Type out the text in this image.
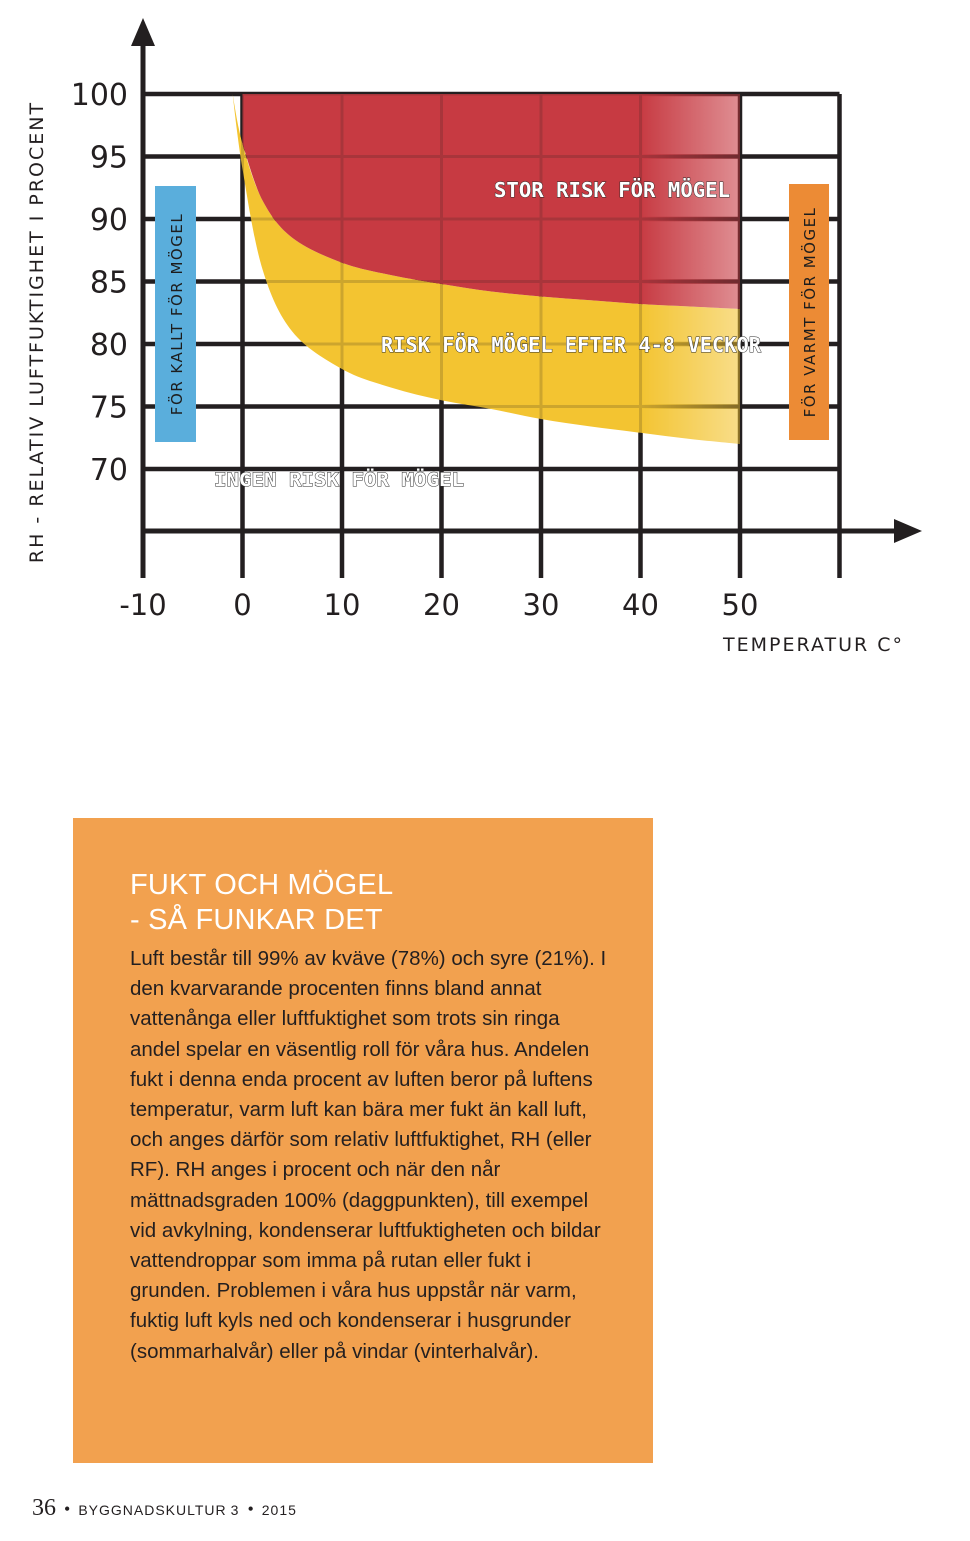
FÖR KALLT FÖR MÖGEL	FÖR VARMT FÖR MÖGEL
100
95
90
85
80
75
70
-10 0 10 20 30 40 50
STOR RISK FÖR MÖGEL
RISK FÖR MÖGEL EFTER 4-8 VECKOR
INGEN RISK FÖR MÖGEL
RH - RELATIV LUFTFUKTIGHET I PROCENT
TEMPERATUR C°
FUKT OCH MÖGEL
- SÅ FUNKAR DET

Luft består till 99% av kväve (78%) och syre (21%). I den kvarvarande procenten finns bland annat vattenånga eller luftfuktighet som trots sin ringa andel spelar en väsentlig roll för våra hus. Andelen fukt i denna enda procent av luften beror på luftens temperatur, varm luft kan bära mer fukt än kall luft, och anges därför som relativ luftfuktighet, RH (eller RF). RH anges i procent och när den når mättnadsgraden 100% (daggpunkten), till exempel vid avkylning, kondenserar luftfuktigheten och bildar vattendroppar som imma på rutan eller fukt i grunden. Problemen i våra hus uppstår när varm, fuktig luft kyls ned och kondenserar i husgrunder (sommarhalvår) eller på vindar (vinterhalvår).

36 • BYGGNADSKULTUR 3 • 2015
